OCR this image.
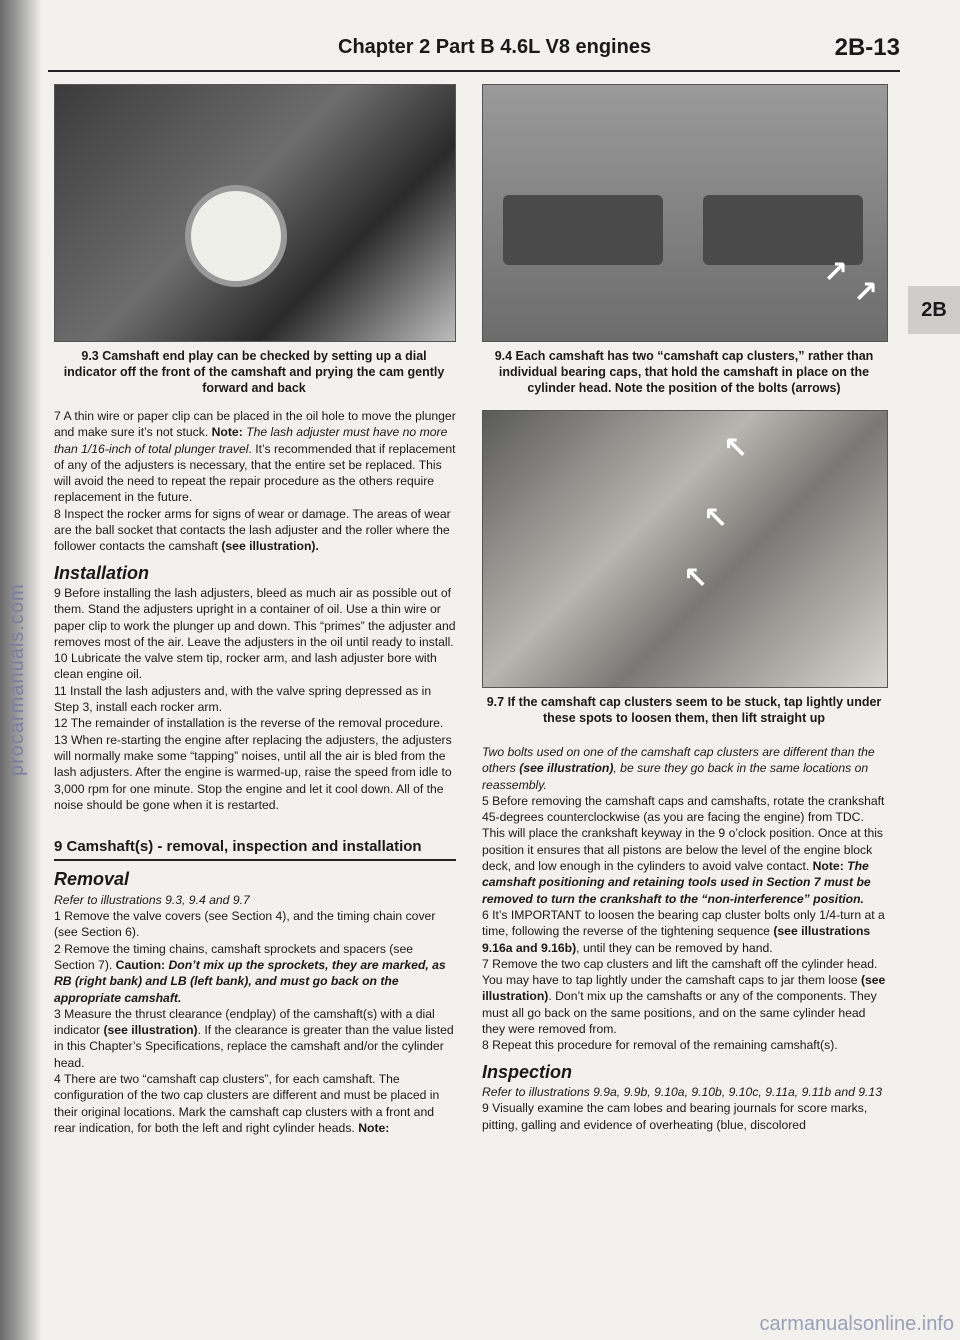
procarmanuals.com
Chapter 2 Part B 4.6L V8 engines	2B-13
2B
↗
↗
↖
↖
↖
9.3 Camshaft end play can be checked by setting up a dial indicator off the front of the camshaft and prying the cam gently forward and back
9.4 Each camshaft has two “camshaft cap clusters,” rather than individual bearing caps, that hold the camshaft in place on the cylinder head. Note the position of the bolts (arrows)
9.7 If the camshaft cap clusters seem to be stuck, tap lightly under these spots to loosen them, then lift straight up

7 A thin wire or paper clip can be placed in the oil hole to move the plunger and make sure it’s not stuck. Note: The lash adjuster must have no more than 1/16-inch of total plunger travel. It’s recommended that if replacement of any of the adjusters is necessary, that the entire set be replaced. This will avoid the need to repeat the repair procedure as the others require replacement in the future.

8 Inspect the rocker arms for signs of wear or damage. The areas of wear are the ball socket that contacts the lash adjuster and the roller where the follower contacts the camshaft (see illustration).

Installation

9 Before installing the lash adjusters, bleed as much air as possible out of them. Stand the adjusters upright in a container of oil. Use a thin wire or paper clip to work the plunger up and down. This “primes” the adjuster and removes most of the air. Leave the adjusters in the oil until ready to install.

10 Lubricate the valve stem tip, rocker arm, and lash adjuster bore with clean engine oil.

11 Install the lash adjusters and, with the valve spring depressed as in Step 3, install each rocker arm.

12 The remainder of installation is the reverse of the removal procedure.

13 When re-starting the engine after replacing the adjusters, the adjusters will normally make some “tapping” noises, until all the air is bled from the lash adjusters. After the engine is warmed-up, raise the speed from idle to 3,000 rpm for one minute. Stop the engine and let it cool down. All of the noise should be gone when it is restarted.

9 Camshaft(s) - removal, inspection and installation
Removal

Refer to illustrations 9.3, 9.4 and 9.7

1 Remove the valve covers (see Section 4), and the timing chain cover (see Section 6).

2 Remove the timing chains, camshaft sprockets and spacers (see Section 7). Caution: Don’t mix up the sprockets, they are marked, as RB (right bank) and LB (left bank), and must go back on the appropriate camshaft.

3 Measure the thrust clearance (endplay) of the camshaft(s) with a dial indicator (see illustration). If the clearance is greater than the value listed in this Chapter’s Specifications, replace the camshaft and/or the cylinder head.

4 There are two “camshaft cap clusters”, for each camshaft. The configuration of the two cap clusters are different and must be placed in their original locations. Mark the camshaft cap clusters with a front and rear indication, for both the left and right cylinder heads. Note:

Two bolts used on one of the camshaft cap clusters are different than the others (see illustration), be sure they go back in the same locations on reassembly.

5 Before removing the camshaft caps and camshafts, rotate the crankshaft 45-degrees counterclockwise (as you are facing the engine) from TDC. This will place the crankshaft keyway in the 9 o’clock position. Once at this position it ensures that all pistons are below the level of the engine block deck, and low enough in the cylinders to avoid valve contact. Note: The camshaft positioning and retaining tools used in Section 7 must be removed to turn the crankshaft to the “non-interference” position.

6 It’s IMPORTANT to loosen the bearing cap cluster bolts only 1/4-turn at a time, following the reverse of the tightening sequence (see illustrations 9.16a and 9.16b), until they can be removed by hand.

7 Remove the two cap clusters and lift the camshaft off the cylinder head. You may have to tap lightly under the camshaft caps to jar them loose (see illustration). Don’t mix up the camshafts or any of the components. They must all go back on the same positions, and on the same cylinder head they were removed from.

8 Repeat this procedure for removal of the remaining camshaft(s).

Inspection

Refer to illustrations 9.9a, 9.9b, 9.10a, 9.10b, 9.10c, 9.11a, 9.11b and 9.13

9 Visually examine the cam lobes and bearing journals for score marks, pitting, galling and evidence of overheating (blue, discolored

carmanualsonline.info
